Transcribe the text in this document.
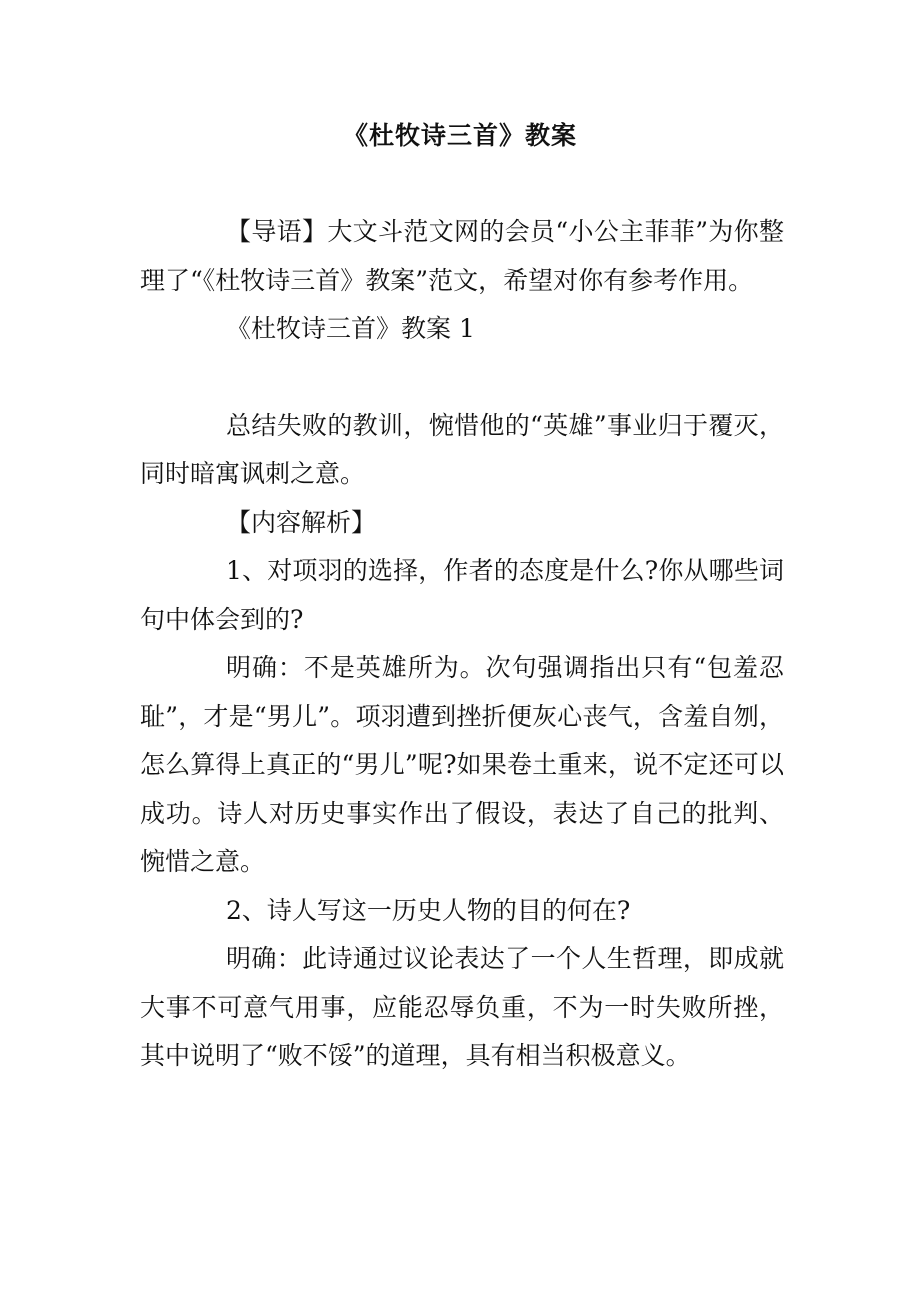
《杜牧诗三首》教案

【导语】大文斗范文网的会员“小公主菲菲”为你整理了“《杜牧诗三首》教案”范文，希望对你有参考作用。

《杜牧诗三首》教案 1

总结失败的教训，惋惜他的“英雄”事业归于覆灭，同时暗寓讽刺之意。

【内容解析】

1、对项羽的选择，作者的态度是什么?你从哪些词句中体会到的?

明确：不是英雄所为。次句强调指出只有“包羞忍耻”，才是“男儿”。项羽遭到挫折便灰心丧气，含羞自刎，怎么算得上真正的“男儿”呢?如果卷土重来，说不定还可以成功。诗人对历史事实作出了假设，表达了自己的批判、惋惜之意。

2、诗人写这一历史人物的目的何在?

明确：此诗通过议论表达了一个人生哲理，即成就大事不可意气用事，应能忍辱负重，不为一时失败所挫，其中说明了“败不馁”的道理，具有相当积极意义。
